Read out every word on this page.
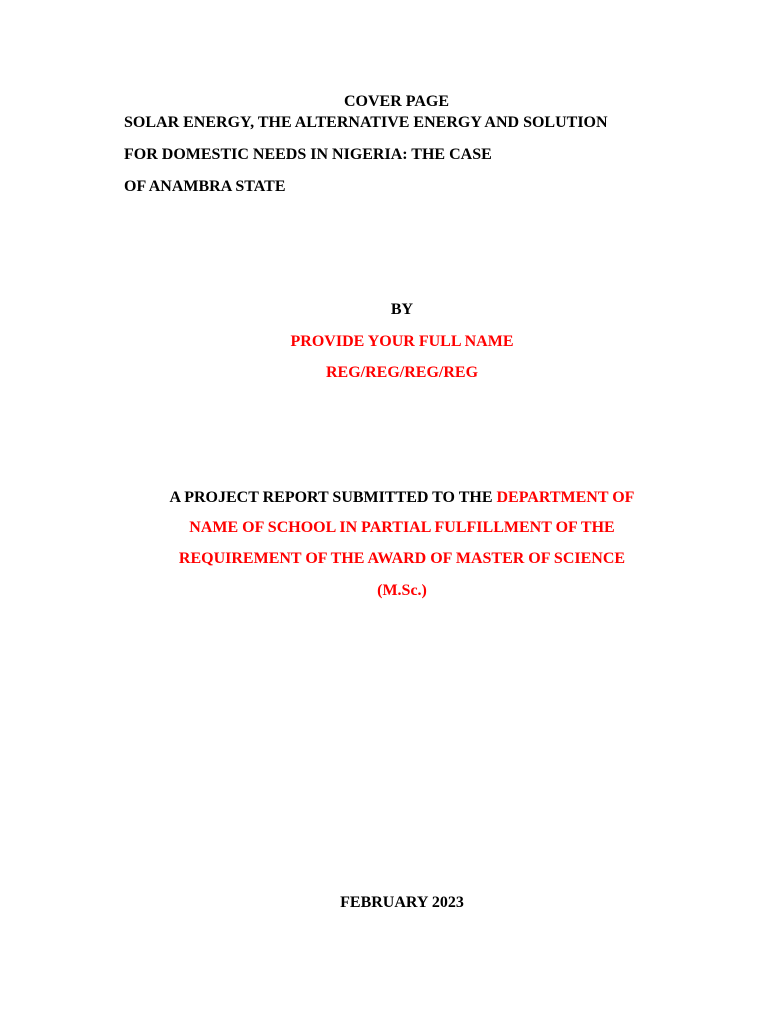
COVER PAGE
SOLAR ENERGY, THE ALTERNATIVE ENERGY AND SOLUTION
FOR DOMESTIC NEEDS IN NIGERIA: THE CASE
OF ANAMBRA STATE
BY
PROVIDE YOUR FULL NAME
REG/REG/REG/REG
A PROJECT REPORT SUBMITTED TO THE DEPARTMENT OF
NAME OF SCHOOL IN PARTIAL FULFILLMENT OF THE
REQUIREMENT OF THE AWARD OF MASTER OF SCIENCE
(M.Sc.)
FEBRUARY 2023
